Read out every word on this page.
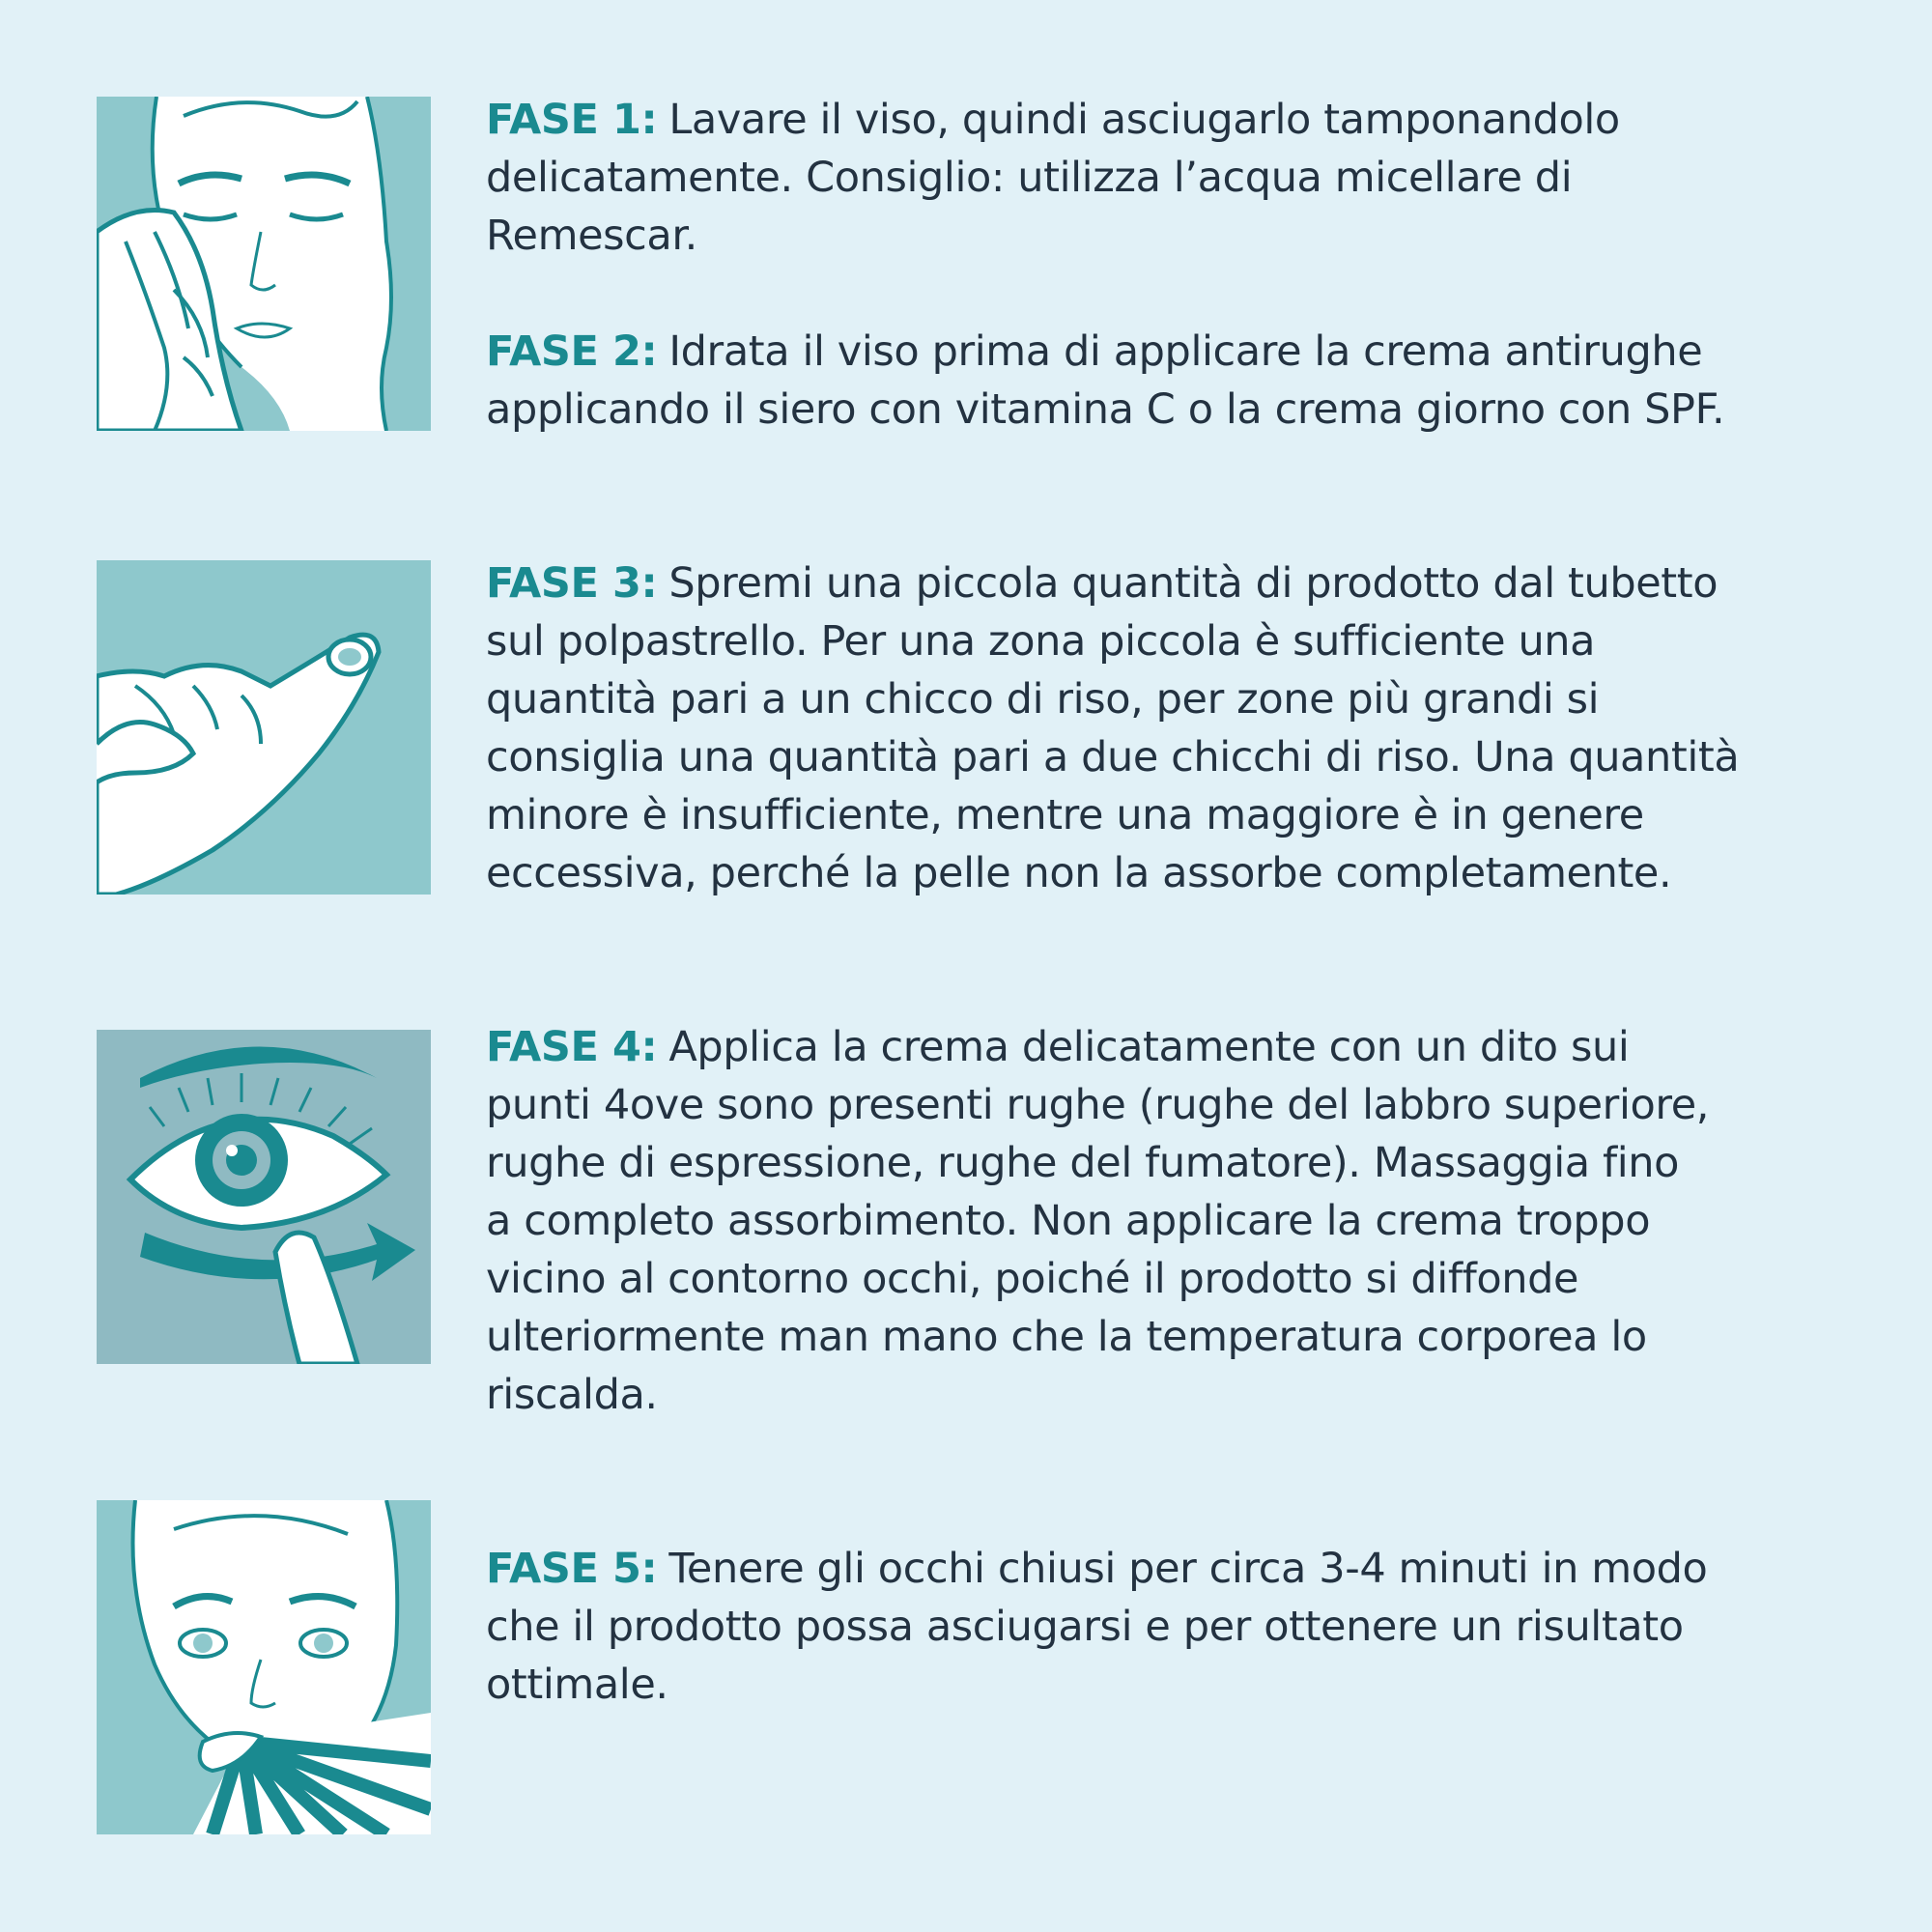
FASE 1: Lavare il viso, quindi asciugarlo tamponandolo
delicatamente. Consiglio: utilizza l’acqua micellare di
Remescar.

FASE 2: Idrata il viso prima di applicare la crema antirughe
applicando il siero con vitamina C o la crema giorno con SPF.

FASE 3: Spremi una piccola quantità di prodotto dal tubetto
sul polpastrello. Per una zona piccola è sufficiente una
quantità pari a un chicco di riso, per zone più grandi si
consiglia una quantità pari a due chicchi di riso. Una quantità
minore è insufficiente, mentre una maggiore è in genere
eccessiva, perché la pelle non la assorbe completamente.

FASE 4: Applica la crema delicatamente con un dito sui
punti 4ove sono presenti rughe (rughe del labbro superiore,
rughe di espressione, rughe del fumatore). Massaggia fino
a completo assorbimento. Non applicare la crema troppo
vicino al contorno occhi, poiché il prodotto si diffonde
ulteriormente man mano che la temperatura corporea lo
riscalda.

FASE 5: Tenere gli occhi chiusi per circa 3-4 minuti in modo
che il prodotto possa asciugarsi e per ottenere un risultato
ottimale.
